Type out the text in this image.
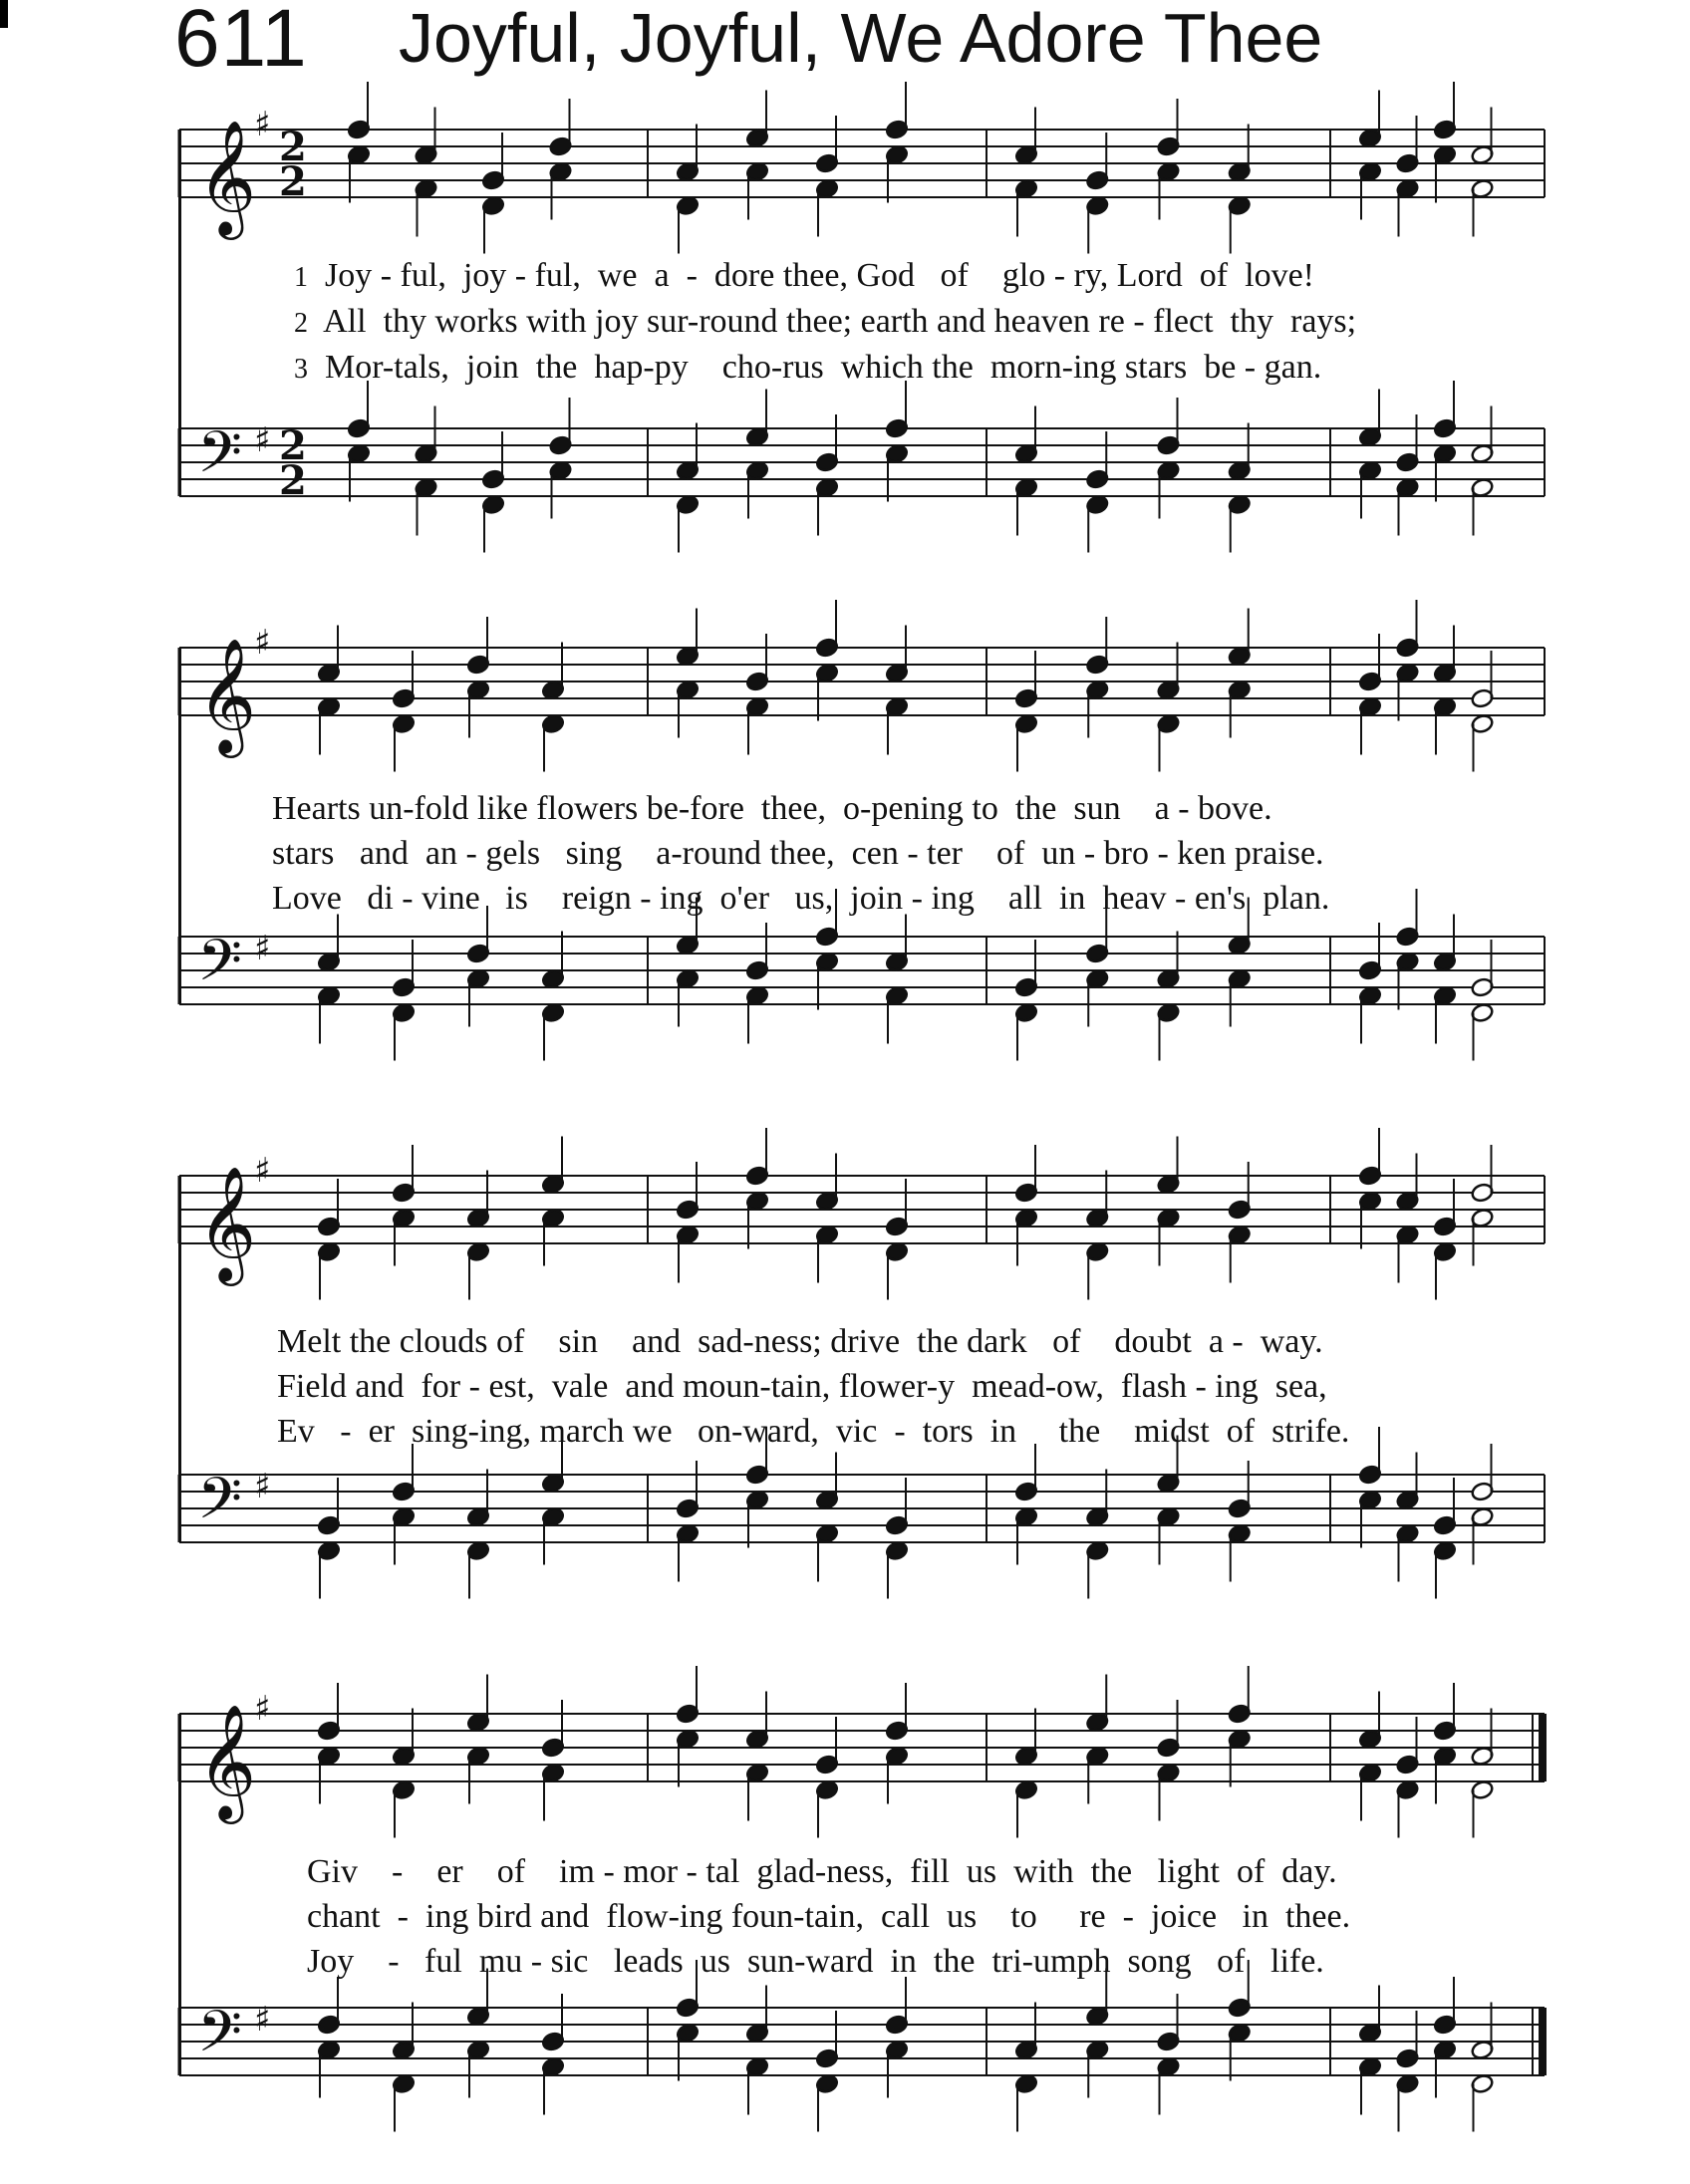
611 Joyful, Joyful, We Adore Thee
𝄞
♯ 2
2
1 Joy - ful,  joy - ful,  we  a  -  dore thee, God   of    glo - ry, Lord  of  love!
2 All  thy works with joy sur-round thee; earth and heaven re - flect  thy  rays;
3 Mor-tals,  join  the  hap-py    cho-rus  which the  morn-ing stars  be - gan.
𝄢 ♯ 2
2
𝄞
♯
Hearts un-fold like flowers be-fore  thee,  o-pening to  the  sun    a - bove.
stars   and  an - gels   sing    a-round thee,  cen - ter    of  un - bro - ken praise.
Love   di - vine   is    reign - ing  o'er   us,  join - ing    all  in  heav - en's  plan.
𝄢 ♯
𝄞
♯
Melt the clouds of    sin    and  sad-ness; drive  the dark   of    doubt  a -  way.
Field and  for - est,  vale  and moun-tain, flower-y  mead-ow,  flash - ing  sea,
Ev   -  er  sing-ing, march we   on-ward,  vic  -  tors  in     the    midst  of  strife.
𝄢 ♯
𝄞
♯
Giv    -    er    of    im - mor - tal  glad-ness,  fill  us  with  the   light  of  day.
chant  -  ing bird and  flow-ing foun-tain,  call  us    to     re  -  joice   in  thee.
Joy    -   ful  mu - sic   leads  us  sun-ward  in  the  tri-umph  song   of   life.
𝄢 ♯
